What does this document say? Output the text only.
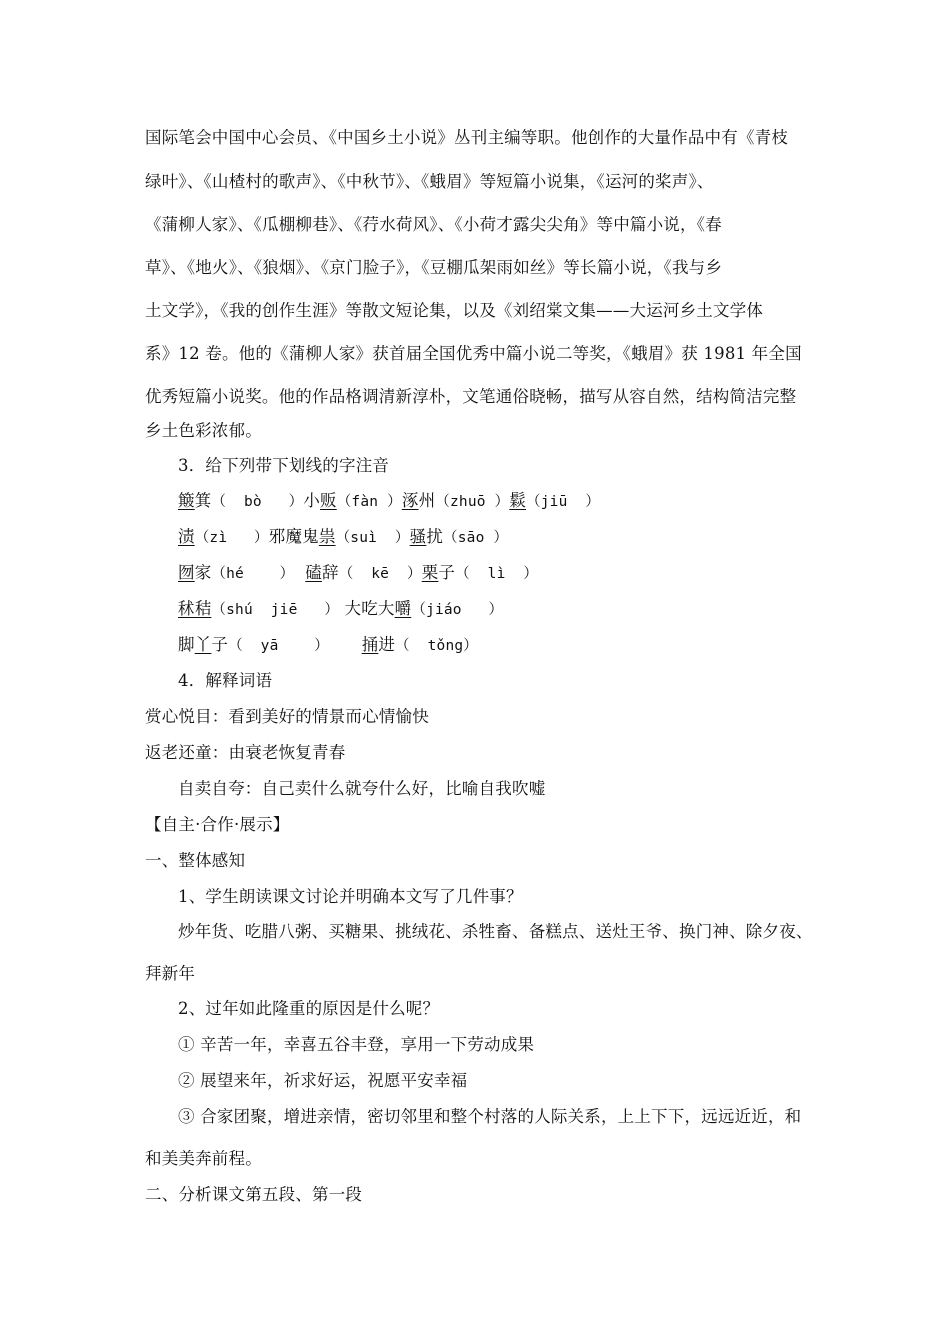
国际笔会中国中心会员、《中国乡土小说》丛刊主编等职。他创作的大量作品中有《青枝
绿叶》、《山楂村的歌声》、《中秋节》、《蛾眉》等短篇小说集，《运河的桨声》、
《蒲柳人家》、《瓜棚柳巷》、《荇水荷风》、《小荷才露尖尖角》等中篇小说，《春
草》、《地火》、《狼烟》、《京门脸子》，《豆棚瓜架雨如丝》等长篇小说，《我与乡
土文学》，《我的创作生涯》等散文短论集，以及《刘绍棠文集——大运河乡土文学体
系》12 卷。他的《蒲柳人家》获首届全国优秀中篇小说二等奖，《蛾眉》获 1981 年全国
优秀短篇小说奖。他的作品格调清新淳朴，文笔通俗晓畅，描写从容自然，结构简洁完整
乡土色彩浓郁。
3．给下列带下划线的字注音
簸箕（  bò   ）小贩（fàn ）涿州（zhuō ）鬏（jiū  ）
渍（zì   ）邪魔鬼祟（suì  ）骚扰（sāo ）
囫家（hé    ） 磕辞（  kē  ）栗子（  lì  ）
秫秸（shú  jiē   ） 大吃大嚼（jiáo   ）
脚丫子（  yā    ） 捅进（  tǒng）
4．解释词语
赏心悦目：看到美好的情景而心情愉快
返老还童：由衰老恢复青春
自卖自夸：自己卖什么就夸什么好，比喻自我吹嘘
【自主·合作·展示】
一、整体感知
1、学生朗读课文讨论并明确本文写了几件事？
炒年货、吃腊八粥、买糖果、挑绒花、杀牲畜、备糕点、送灶王爷、换门神、除夕夜、
拜新年
2、过年如此隆重的原因是什么呢？
① 辛苦一年，幸喜五谷丰登，享用一下劳动成果
② 展望来年，祈求好运，祝愿平安幸福
③ 合家团聚，增进亲情，密切邻里和整个村落的人际关系，上上下下，远远近近，和
和美美奔前程。
二、分析课文第五段、第一段
